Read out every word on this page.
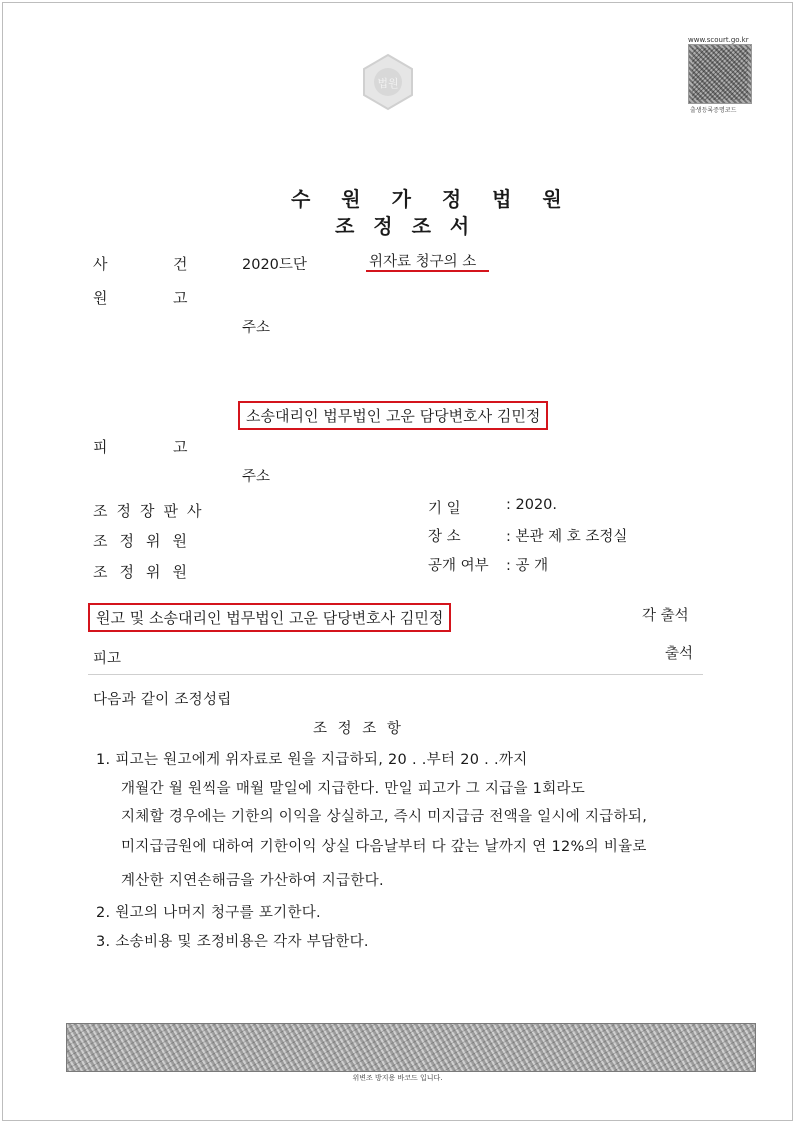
법원
www.scourt.go.kr
출생등록증명코드
수 원 가 정 법 원
조 정 조 서
사	건	2020드단	위자료 청구의 소
원	고
주소
소송대리인 법무법인 고운 담당변호사 김민정
피	고
주소
조정장판사
조정위원
조정위원
기 일	: 2020.
장 소	: 본관 제 호 조정실
공개 여부 : 공 개
원고 및 소송대리인 법무법인 고운 담당변호사 김민정	각 출석
피고	출석
다음과 같이 조정성립
조 정 조 항
1. 피고는 원고에게 위자료로 원을 지급하되, 20 . .부터 20 . .까지
개월간 월 원씩을 매월 말일에 지급한다. 만일 피고가 그 지급을 1회라도
지체할 경우에는 기한의 이익을 상실하고, 즉시 미지급금 전액을 일시에 지급하되,
미지급금원에 대하여 기한이익 상실 다음날부터 다 갚는 날까지 연 12%의 비율로
계산한 지연손해금을 가산하여 지급한다.
2. 원고의 나머지 청구를 포기한다.
3. 소송비용 및 조정비용은 각자 부담한다.
위변조 방지용 바코드 입니다.
